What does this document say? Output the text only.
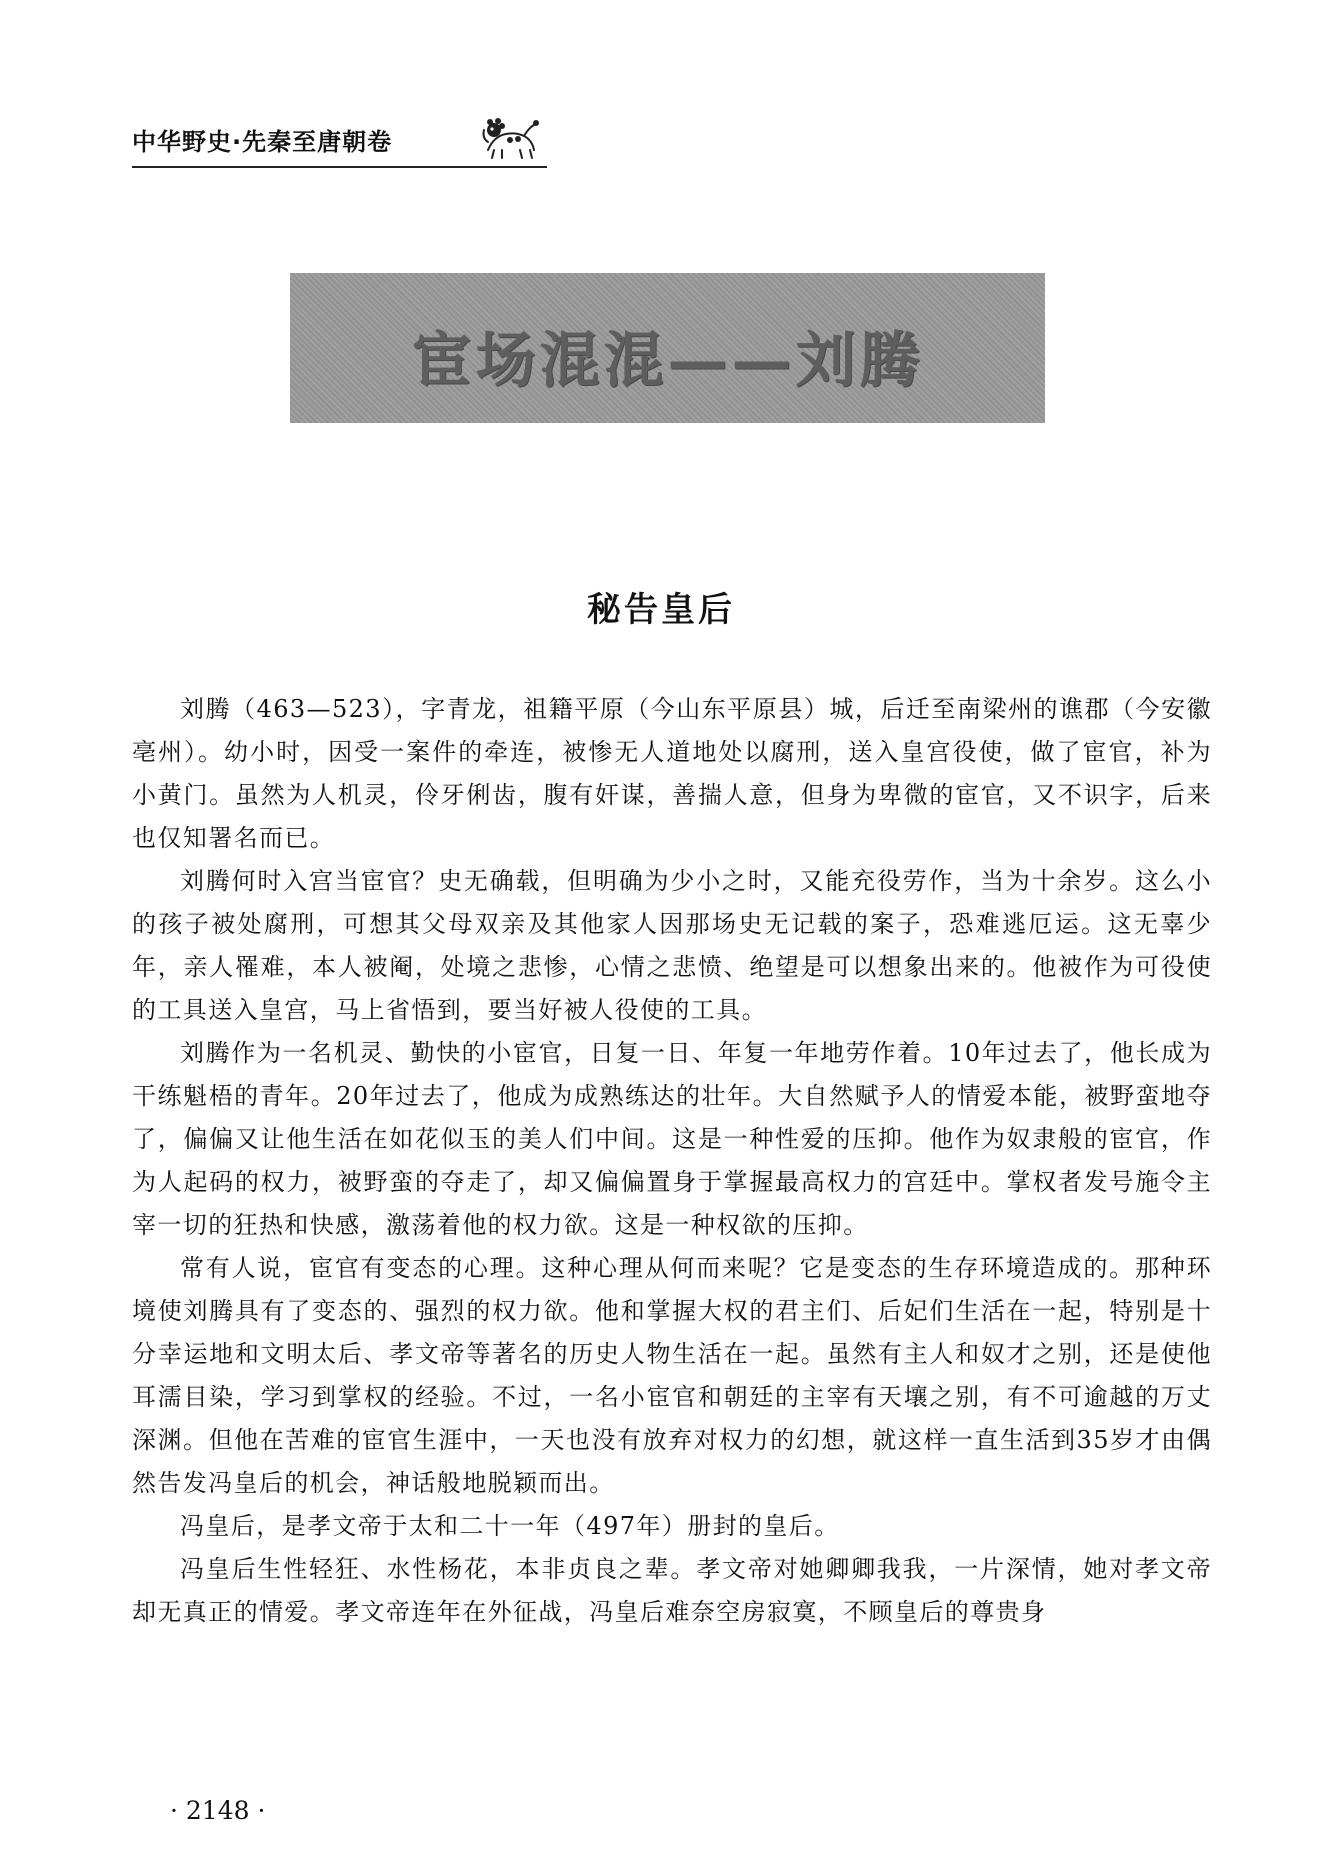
中华野史·先秦至唐朝卷
宦场混混——刘腾
秘告皇后

刘腾（463—523），字青龙，祖籍平原（今山东平原县）城，后迁至南梁州的谯郡（今安徽亳州）。幼小时，因受一案件的牵连，被惨无人道地处以腐刑，送入皇宫役使，做了宦官，补为小黄门。虽然为人机灵，伶牙俐齿，腹有奸谋，善揣人意，但身为卑微的宦官，又不识字，后来也仅知署名而已。

刘腾何时入宫当宦官？史无确载，但明确为少小之时，又能充役劳作，当为十余岁。这么小的孩子被处腐刑，可想其父母双亲及其他家人因那场史无记载的案子，恐难逃厄运。这无辜少年，亲人罹难，本人被阉，处境之悲惨，心情之悲愤、绝望是可以想象出来的。他被作为可役使的工具送入皇宫，马上省悟到，要当好被人役使的工具。

刘腾作为一名机灵、勤快的小宦官，日复一日、年复一年地劳作着。10年过去了，他长成为干练魁梧的青年。20年过去了，他成为成熟练达的壮年。大自然赋予人的情爱本能，被野蛮地夺了，偏偏又让他生活在如花似玉的美人们中间。这是一种性爱的压抑。他作为奴隶般的宦官，作为人起码的权力，被野蛮的夺走了，却又偏偏置身于掌握最高权力的宫廷中。掌权者发号施令主宰一切的狂热和快感，激荡着他的权力欲。这是一种权欲的压抑。

常有人说，宦官有变态的心理。这种心理从何而来呢？它是变态的生存环境造成的。那种环境使刘腾具有了变态的、强烈的权力欲。他和掌握大权的君主们、后妃们生活在一起，特别是十分幸运地和文明太后、孝文帝等著名的历史人物生活在一起。虽然有主人和奴才之别，还是使他耳濡目染，学习到掌权的经验。不过，一名小宦官和朝廷的主宰有天壤之别，有不可逾越的万丈深渊。但他在苦难的宦官生涯中，一天也没有放弃对权力的幻想，就这样一直生活到35岁才由偶然告发冯皇后的机会，神话般地脱颖而出。

冯皇后，是孝文帝于太和二十一年（497年）册封的皇后。

冯皇后生性轻狂、水性杨花，本非贞良之辈。孝文帝对她卿卿我我，一片深情，她对孝文帝却无真正的情爱。孝文帝连年在外征战，冯皇后难奈空房寂寞，不顾皇后的尊贵身

· 2148 ·
